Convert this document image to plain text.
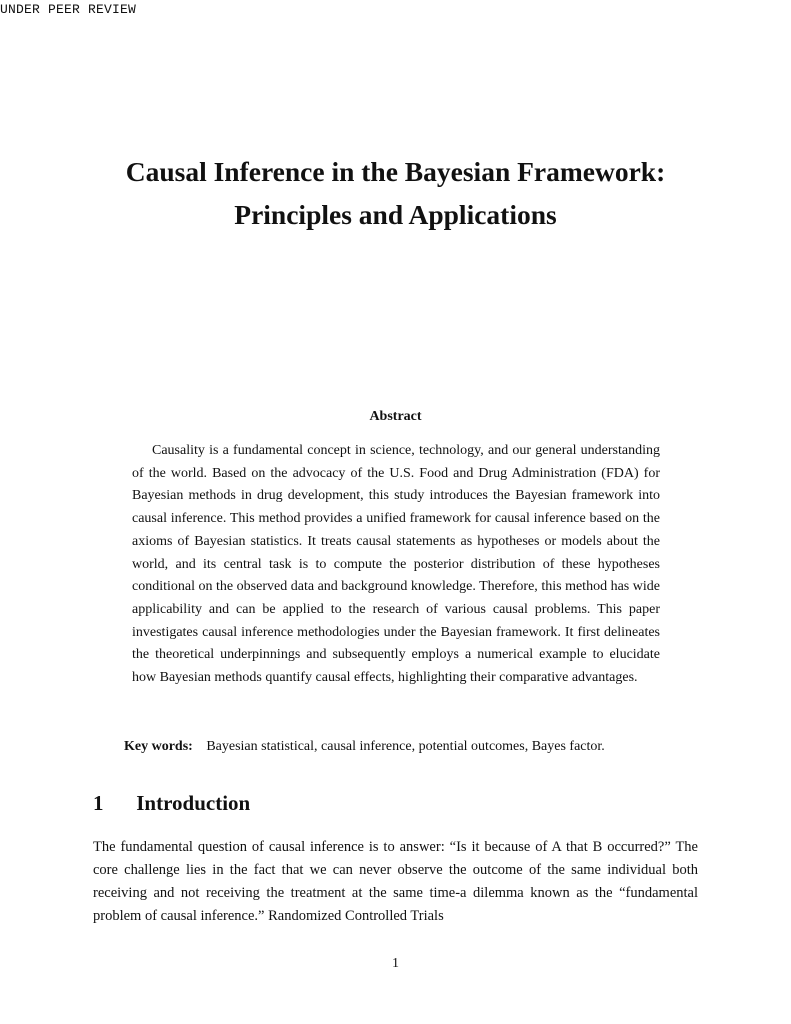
UNDER PEER REVIEW
Causal Inference in the Bayesian Framework:
Principles and Applications
Abstract

Causality is a fundamental concept in science, technology, and our general understanding of the world. Based on the advocacy of the U.S. Food and Drug Administration (FDA) for Bayesian methods in drug development, this study introduces the Bayesian framework into causal inference. This method provides a unified framework for causal inference based on the axioms of Bayesian statistics. It treats causal statements as hypotheses or models about the world, and its central task is to compute the posterior distribution of these hypotheses conditional on the observed data and background knowledge. Therefore, this method has wide applicability and can be applied to the research of various causal problems. This paper investigates causal inference methodologies under the Bayesian framework. It first delineates the theoretical underpinnings and subsequently employs a numerical example to elucidate how Bayesian methods quantify causal effects, highlighting their comparative advantages.

Key words: Bayesian statistical, causal inference, potential outcomes, Bayes factor.
1 Introduction

The fundamental question of causal inference is to answer: “Is it because of A that B occurred?” The core challenge lies in the fact that we can never observe the outcome of the same individual both receiving and not receiving the treatment at the same time-a dilemma known as the “fundamental problem of causal inference.” Randomized Controlled Trials

1
